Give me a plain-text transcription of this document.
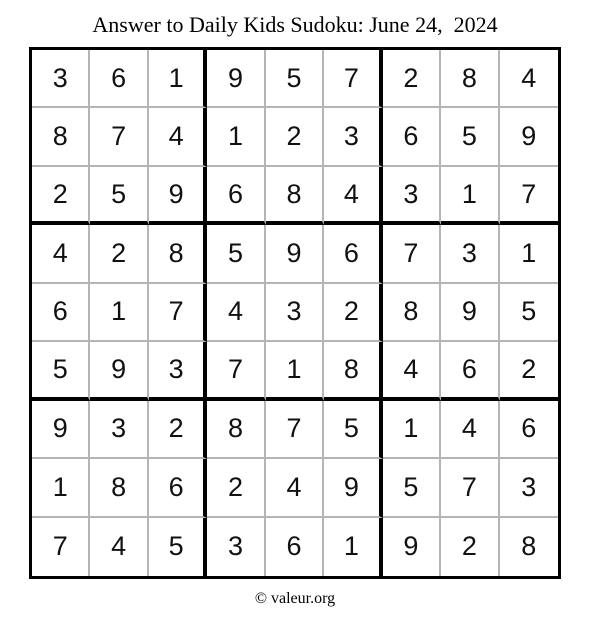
Answer to Daily Kids Sudoku: June 24,  2024
3	6	1	9	5	7	2	8	4
8	7	4	1	2	3	6	5	9
2	5	9	6	8	4	3	1	7
4	2	8	5	9	6	7	3	1
6	1	7	4	3	2	8	9	5
5	9	3	7	1	8	4	6	2
9	3	2	8	7	5	1	4	6
1	8	6	2	4	9	5	7	3
7	4	5	3	6	1	9	2	8
© valeur.org
